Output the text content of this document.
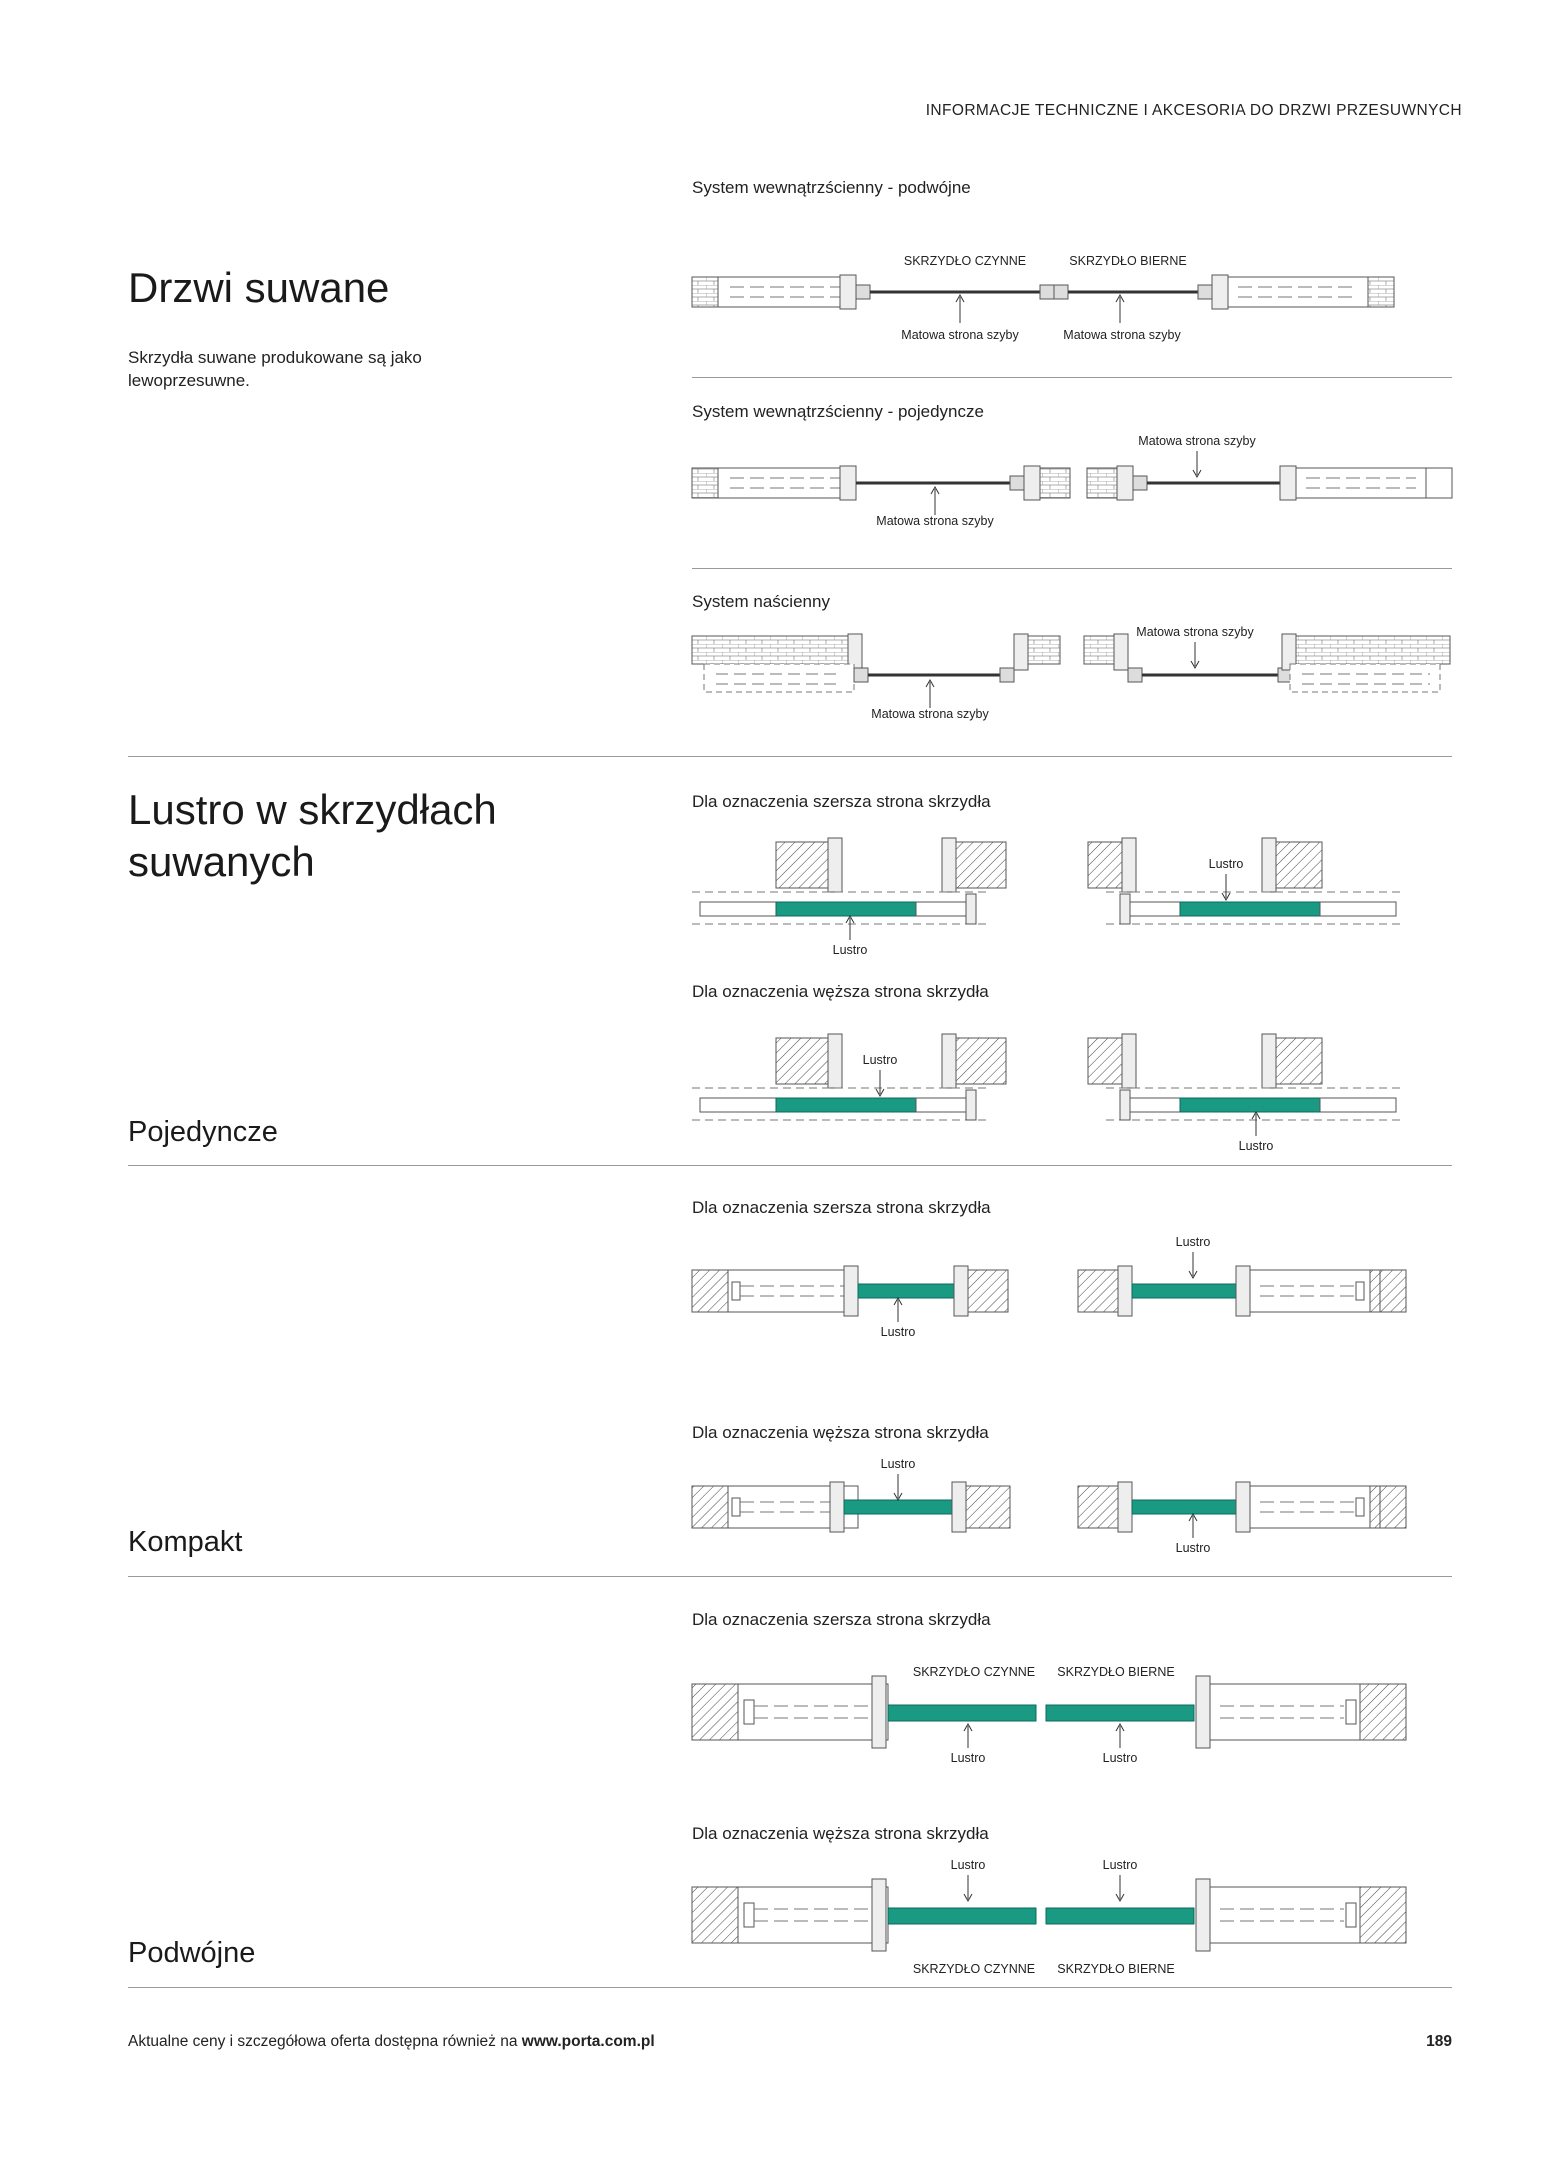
INFORMACJE TECHNICZNE I AKCESORIA DO DRZWI PRZESUWNYCH
Drzwi suwane
Skrzydła suwane produkowane są jako lewoprzesuwne.
System wewnątrzścienny - podwójne
SKRZYDŁO CZYNNE	SKRZYDŁO BIERNE
Matowa strona szyby	Matowa strona szyby
System wewnątrzścienny - pojedyncze
Matowa strona szyby
Matowa strona szyby
System naścienny
Matowa strona szyby
Matowa strona szyby
Lustro w skrzydłach suwanych
Dla oznaczenia szersza strona skrzydła
Lustro
Lustro
Dla oznaczenia węższa strona skrzydła
Lustro
Lustro
Pojedyncze
Dla oznaczenia szersza strona skrzydła
Lustro
Lustro
Dla oznaczenia węższa strona skrzydła
Lustro
Lustro
Kompakt
Dla oznaczenia szersza strona skrzydła
SKRZYDŁO CZYNNE SKRZYDŁO BIERNE
Lustro	Lustro
Dla oznaczenia węższa strona skrzydła
Lustro	Lustro
SKRZYDŁO CZYNNE SKRZYDŁO BIERNE
Podwójne
Aktualne ceny i szczegółowa oferta dostępna również na www.porta.com.pl	189
